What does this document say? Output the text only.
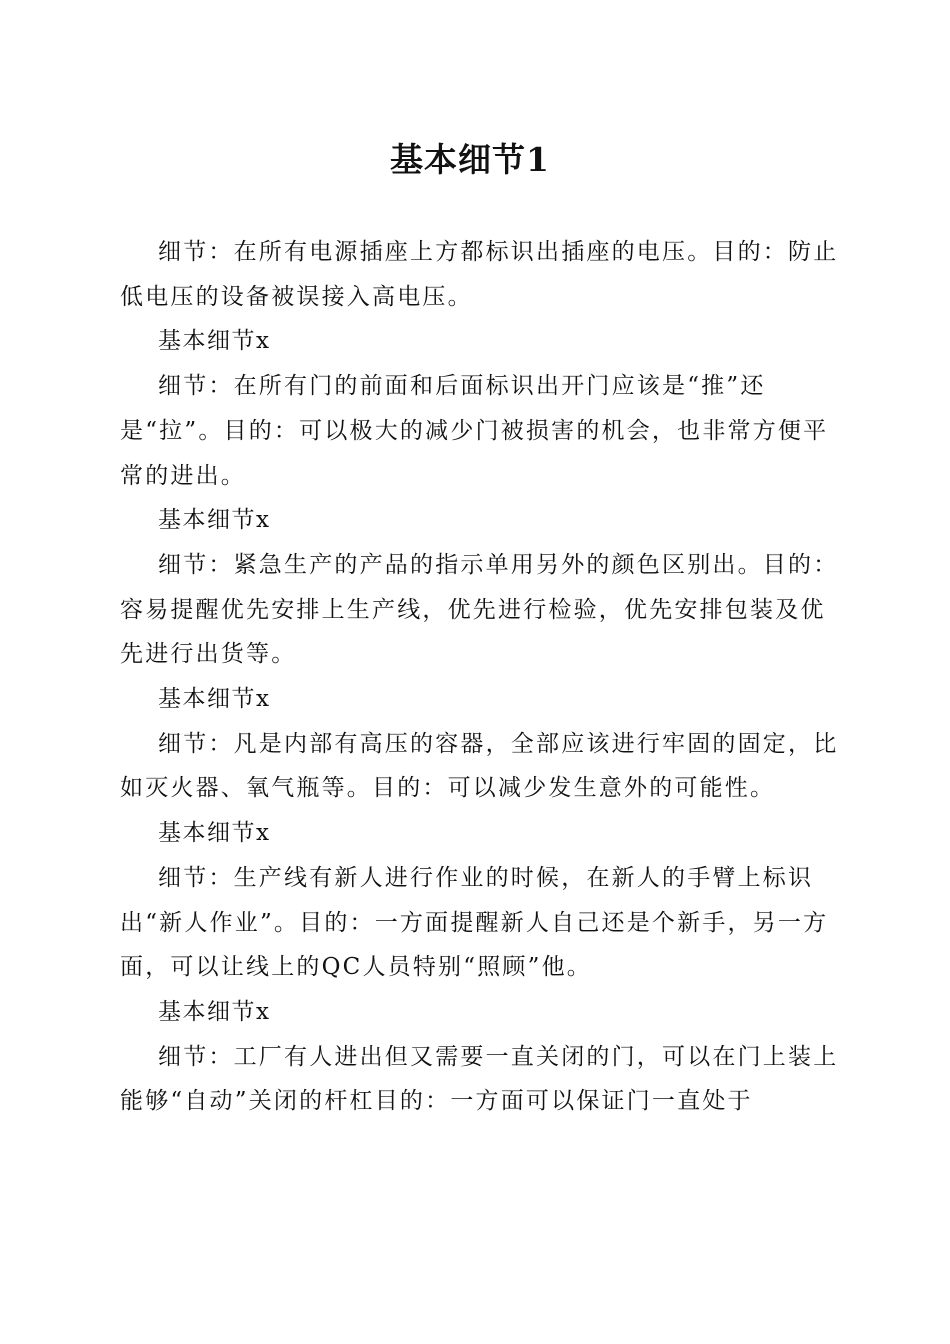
基本细节1

细节：在所有电源插座上方都标识出插座的电压。目的：防止低电压的设备被误接入高电压。

基本细节x

细节：在所有门的前面和后面标识出开门应该是“推”还是“拉”。目的：可以极大的减少门被损害的机会，也非常方便平常的进出。

基本细节x

细节：紧急生产的产品的指示单用另外的颜色区别出。目的：容易提醒优先安排上生产线，优先进行检验，优先安排包装及优先进行出货等。

基本细节x

细节：凡是内部有高压的容器，全部应该进行牢固的固定，比如灭火器、氧气瓶等。目的：可以减少发生意外的可能性。

基本细节x

细节：生产线有新人进行作业的时候，在新人的手臂上标识出“新人作业”。目的：一方面提醒新人自己还是个新手，另一方面，可以让线上的QC人员特别“照顾”他。

基本细节x

细节：工厂有人进出但又需要一直关闭的门，可以在门上装上能够“自动”关闭的杆杠目的：一方面可以保证门一直处于
